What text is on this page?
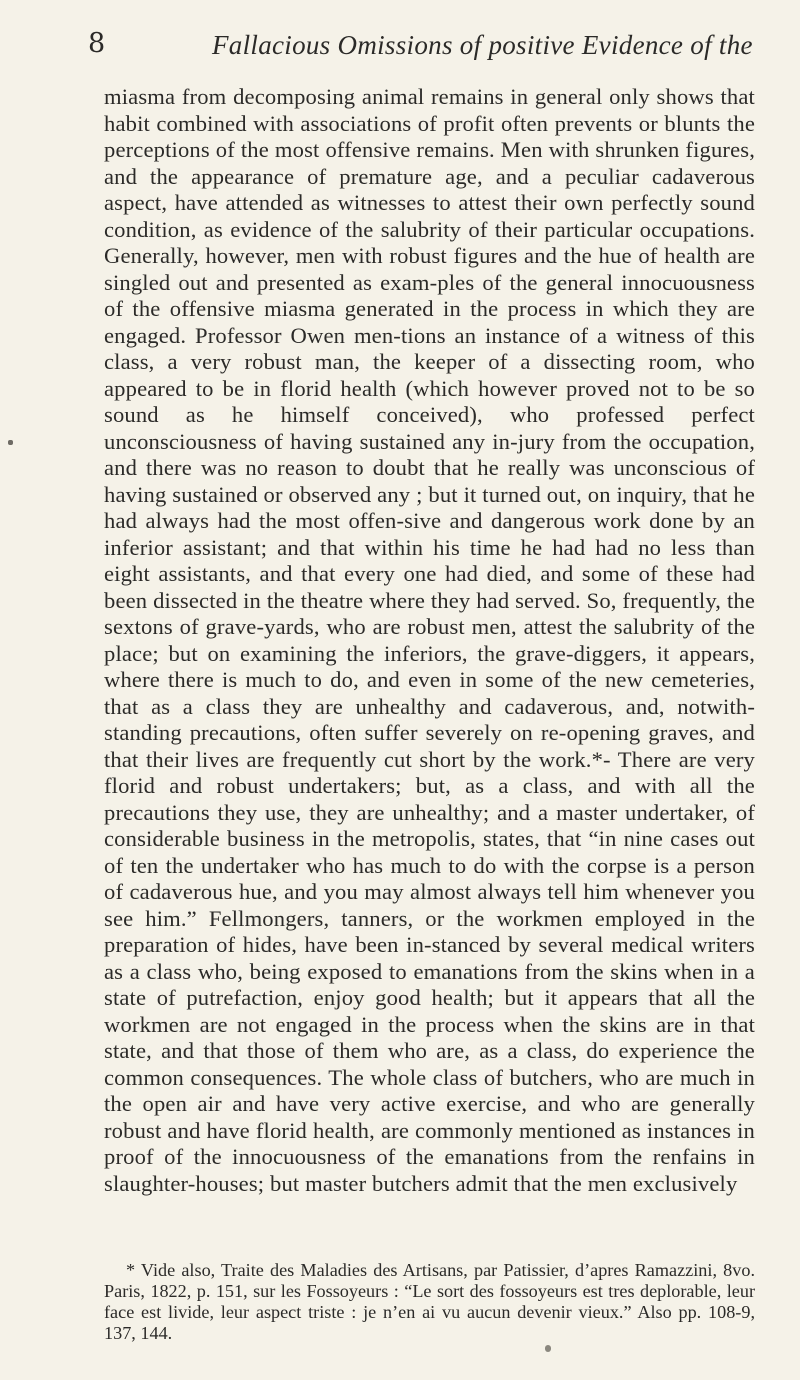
8	Fallacious Omissions of positive Evidence of the

miasma from decomposing animal remains in general only shows that habit combined with associations of profit often prevents or blunts the perceptions of the most offensive remains. Men with shrunken figures, and the appearance of premature age, and a peculiar cadaverous aspect, have attended as witnesses to attest their own perfectly sound condition, as evidence of the salubrity of their particular occupations. Generally, however, men with robust figures and the hue of health are singled out and presented as exam-ples of the general innocuousness of the offensive miasma generated in the process in which they are engaged. Professor Owen men-tions an instance of a witness of this class, a very robust man, the keeper of a dissecting room, who appeared to be in florid health (which however proved not to be so sound as he himself conceived), who professed perfect unconsciousness of having sustained any in-jury from the occupation, and there was no reason to doubt that he really was unconscious of having sustained or observed any ; but it turned out, on inquiry, that he had always had the most offen-sive and dangerous work done by an inferior assistant; and that within his time he had had no less than eight assistants, and that every one had died, and some of these had been dissected in the theatre where they had served. So, frequently, the sextons of grave-yards, who are robust men, attest the salubrity of the place; but on examining the inferiors, the grave-diggers, it appears, where there is much to do, and even in some of the new cemeteries, that as a class they are unhealthy and cadaverous, and, notwith-standing precautions, often suffer severely on re-opening graves, and that their lives are frequently cut short by the work.*- There are very florid and robust undertakers; but, as a class, and with all the precautions they use, they are unhealthy; and a master undertaker, of considerable business in the metropolis, states, that “in nine cases out of ten the undertaker who has much to do with the corpse is a person of cadaverous hue, and you may almost always tell him whenever you see him.” Fellmongers, tanners, or the workmen employed in the preparation of hides, have been in-stanced by several medical writers as a class who, being exposed to emanations from the skins when in a state of putrefaction, enjoy good health; but it appears that all the workmen are not engaged in the process when the skins are in that state, and that those of them who are, as a class, do experience the common consequences. The whole class of butchers, who are much in the open air and have very active exercise, and who are generally robust and have florid health, are commonly mentioned as instances in proof of the innocuousness of the emanations from the renfains in slaughter-houses; but master butchers admit that the men exclusively

* Vide also, Traite des Maladies des Artisans, par Patissier, d’apres Ramazzini, 8vo. Paris, 1822, p. 151, sur les Fossoyeurs : “Le sort des fossoyeurs est tres deplorable, leur face est livide, leur aspect triste : je n’en ai vu aucun devenir vieux.” Also pp. 108-9, 137, 144.
